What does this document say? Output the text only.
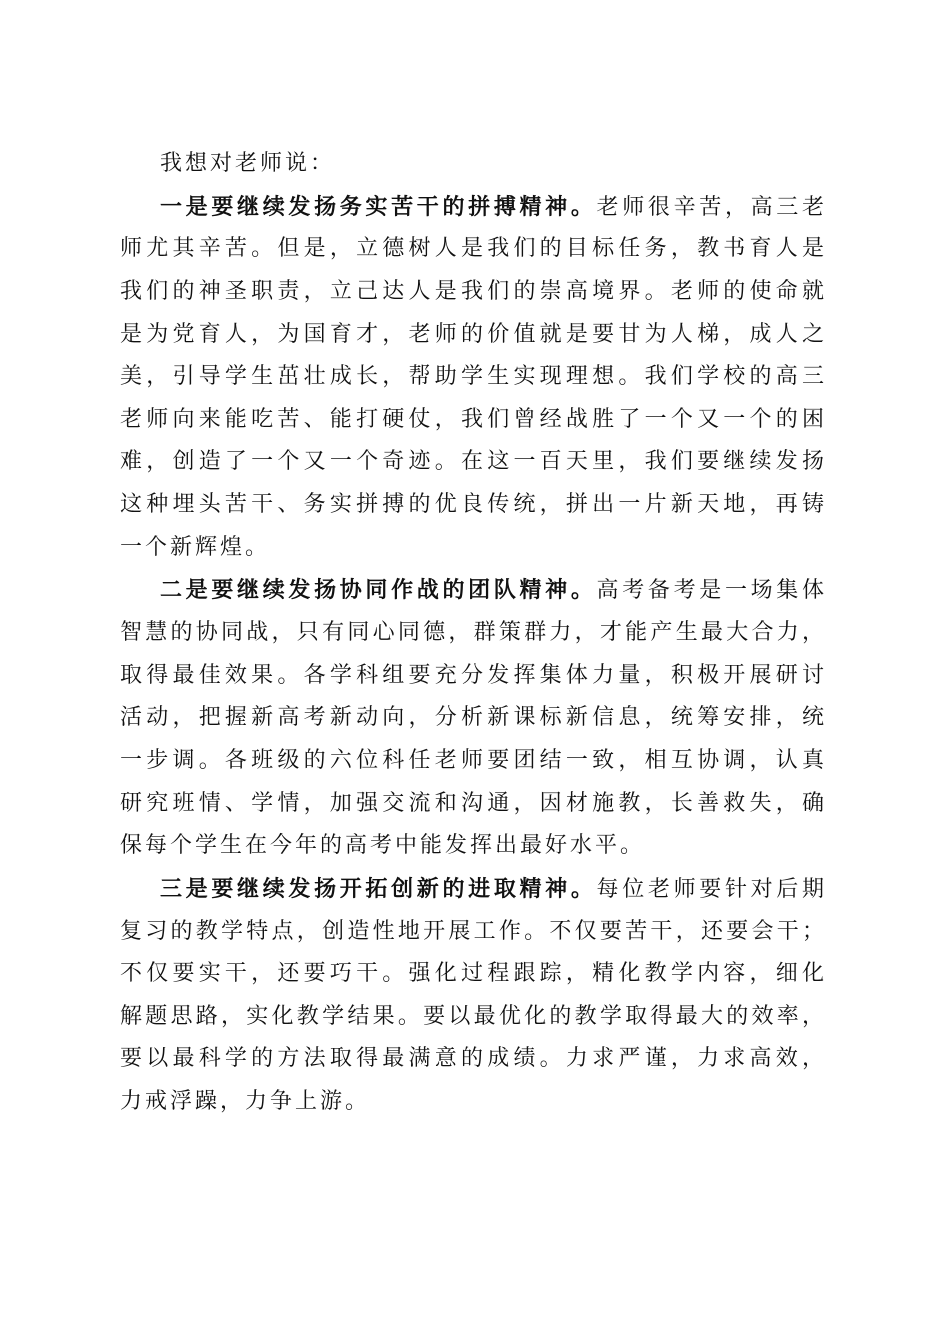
我想对老师说：
一是要继续发扬务实苦干的拼搏精神。老师很辛苦，高三老
师尤其辛苦。但是，立德树人是我们的目标任务，教书育人是
我们的神圣职责，立己达人是我们的崇高境界。老师的使命就
是为党育人，为国育才，老师的价值就是要甘为人梯，成人之
美，引导学生茁壮成长，帮助学生实现理想。我们学校的高三
老师向来能吃苦、能打硬仗，我们曾经战胜了一个又一个的困
难，创造了一个又一个奇迹。在这一百天里，我们要继续发扬
这种埋头苦干、务实拼搏的优良传统，拼出一片新天地，再铸
一个新辉煌。
二是要继续发扬协同作战的团队精神。高考备考是一场集体
智慧的协同战，只有同心同德，群策群力，才能产生最大合力，
取得最佳效果。各学科组要充分发挥集体力量，积极开展研讨
活动，把握新高考新动向，分析新课标新信息，统筹安排，统
一步调。各班级的六位科任老师要团结一致，相互协调，认真
研究班情、学情，加强交流和沟通，因材施教，长善救失，确
保每个学生在今年的高考中能发挥出最好水平。
三是要继续发扬开拓创新的进取精神。每位老师要针对后期
复习的教学特点，创造性地开展工作。不仅要苦干，还要会干；
不仅要实干，还要巧干。强化过程跟踪，精化教学内容，细化
解题思路，实化教学结果。要以最优化的教学取得最大的效率，
要以最科学的方法取得最满意的成绩。力求严谨，力求高效，
力戒浮躁，力争上游。
